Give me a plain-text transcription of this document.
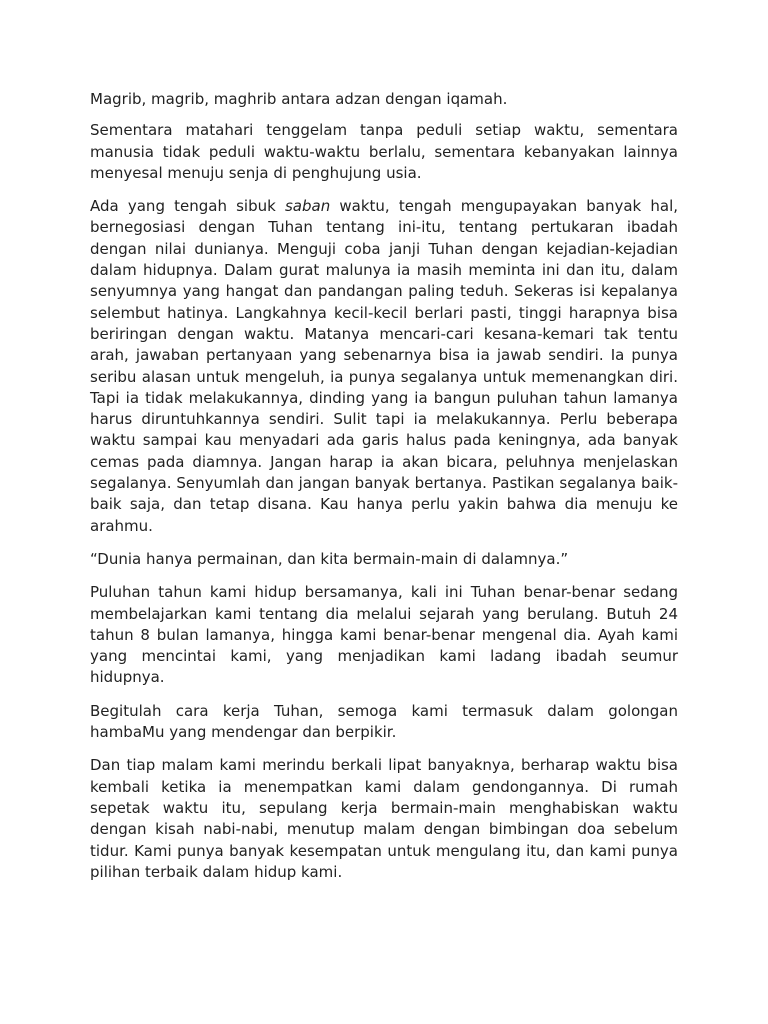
Magrib, magrib, maghrib antara adzan dengan iqamah.

Sementara matahari tenggelam tanpa peduli setiap waktu, sementara manusia tidak peduli waktu-waktu berlalu, sementara kebanyakan lainnya menyesal menuju senja di penghujung usia.

Ada yang tengah sibuk saban waktu, tengah mengupayakan banyak hal, bernegosiasi dengan Tuhan tentang ini-itu, tentang pertukaran ibadah dengan nilai dunianya. Menguji coba janji Tuhan dengan kejadian-kejadian dalam hidupnya. Dalam gurat malunya ia masih meminta ini dan itu, dalam senyumnya yang hangat dan pandangan paling teduh. Sekeras isi kepalanya selembut hatinya. Langkahnya kecil-kecil berlari pasti, tinggi harapnya bisa beriringan dengan waktu. Matanya mencari-cari kesana-kemari tak tentu arah, jawaban pertanyaan yang sebenarnya bisa ia jawab sendiri. Ia punya seribu alasan untuk mengeluh, ia punya segalanya untuk memenangkan diri. Tapi ia tidak melakukannya, dinding yang ia bangun puluhan tahun lamanya harus diruntuhkannya sendiri. Sulit tapi ia melakukannya. Perlu beberapa waktu sampai kau menyadari ada garis halus pada keningnya, ada banyak cemas pada diamnya. Jangan harap ia akan bicara, peluhnya menjelaskan segalanya. Senyumlah dan jangan banyak bertanya. Pastikan segalanya baik-baik saja, dan tetap disana. Kau hanya perlu yakin bahwa dia menuju ke arahmu.

“Dunia hanya permainan, dan kita bermain-main di dalamnya.”

Puluhan tahun kami hidup bersamanya, kali ini Tuhan benar-benar sedang membelajarkan kami tentang dia melalui sejarah yang berulang. Butuh 24 tahun 8 bulan lamanya, hingga kami benar-benar mengenal dia. Ayah kami yang mencintai kami, yang menjadikan kami ladang ibadah seumur hidupnya.

Begitulah cara kerja Tuhan, semoga kami termasuk dalam golongan hambaMu yang mendengar dan berpikir.

Dan tiap malam kami merindu berkali lipat banyaknya, berharap waktu bisa kembali ketika ia menempatkan kami dalam gendongannya. Di rumah sepetak waktu itu, sepulang kerja bermain-main menghabiskan waktu dengan kisah nabi-nabi, menutup malam dengan bimbingan doa sebelum tidur. Kami punya banyak kesempatan untuk mengulang itu, dan kami punya pilihan terbaik dalam hidup kami.
